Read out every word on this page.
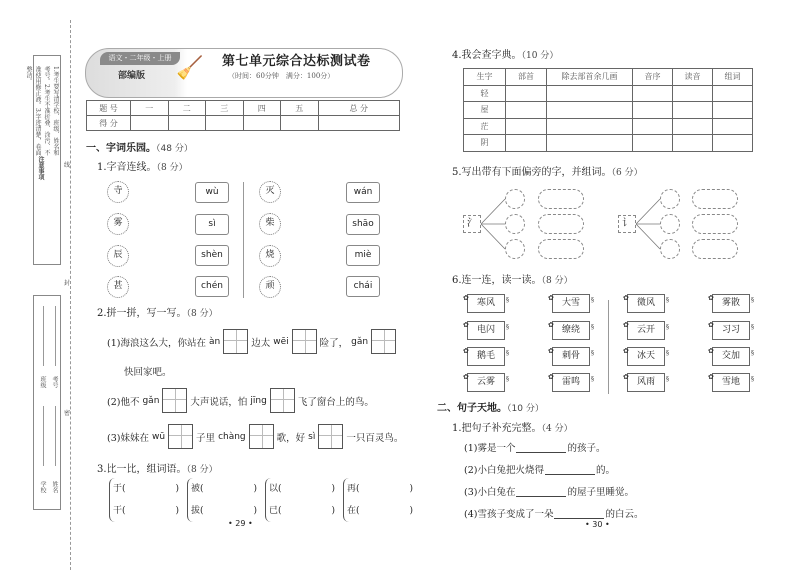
注意事项
1.考生要写清学校、班级、姓名和考号。2.考生不准折叠、涂污、不准使用修正液。3.字迹清楚，卷面整洁。
学校 姓名
班级 考号
线
封
密
语文・二年级・上册
部编版 🧹 第七单元综合达标测试卷
（时间：60分钟　满分：100分）
题 号	一	二	三	四	五	总 分
得 分						
一、字词乐园。（48 分）
1.字音连线。（8 分）
寺
雾
辰
甚
wù
sì
shèn
chén
灭
柴
烧
顽
wán
shāo
miè
chái
2.拼一拼，写一写。（8 分）
(1)海浪这么大，你站在 àn	边太 wēi	险了， gǎn
快回家吧。
(2)他不 gǎn	大声说话，怕 jīng	飞了窗台上的鸟。
(3)妹妹在 wū	子里 chàng	歌，好 sì	一只百灵鸟。
3.比一比，组词语。（8 分）
于(	)
干(	)
被(	)
拔(	)
以(	)
已(	)
再(	)
在(	)
• 29 •
4.我会查字典。（10 分）
生字	部首	除去部首余几画	音序	读音	组词
轻					
屋					
茫					
阴					
5.写出带有下面偏旁的字，并组词。（6 分）
氵	讠
6.连一连，读一读。（8 分）
✿ 寒风 §
✿ 电闪 §
✿ 鹅毛 §
✿ 云雾 §
✿ 大雪 §
✿ 缭绕 §
✿ 刺骨 §
✿ 雷鸣 §
✿ 微风 §
✿ 云开 §
✿ 冰天 §
✿ 风雨 §
✿ 雾散 §
✿ 习习 §
✿ 交加 §
✿ 雪地 §
二、句子天地。（10 分）
1.把句子补充完整。（4 分）
(1)雾是一个	的孩子。
(2)小白兔把火烧得	的。
(3)小白兔在	的屋子里睡觉。
(4)雪孩子变成了一朵	的白云。
• 30 •
